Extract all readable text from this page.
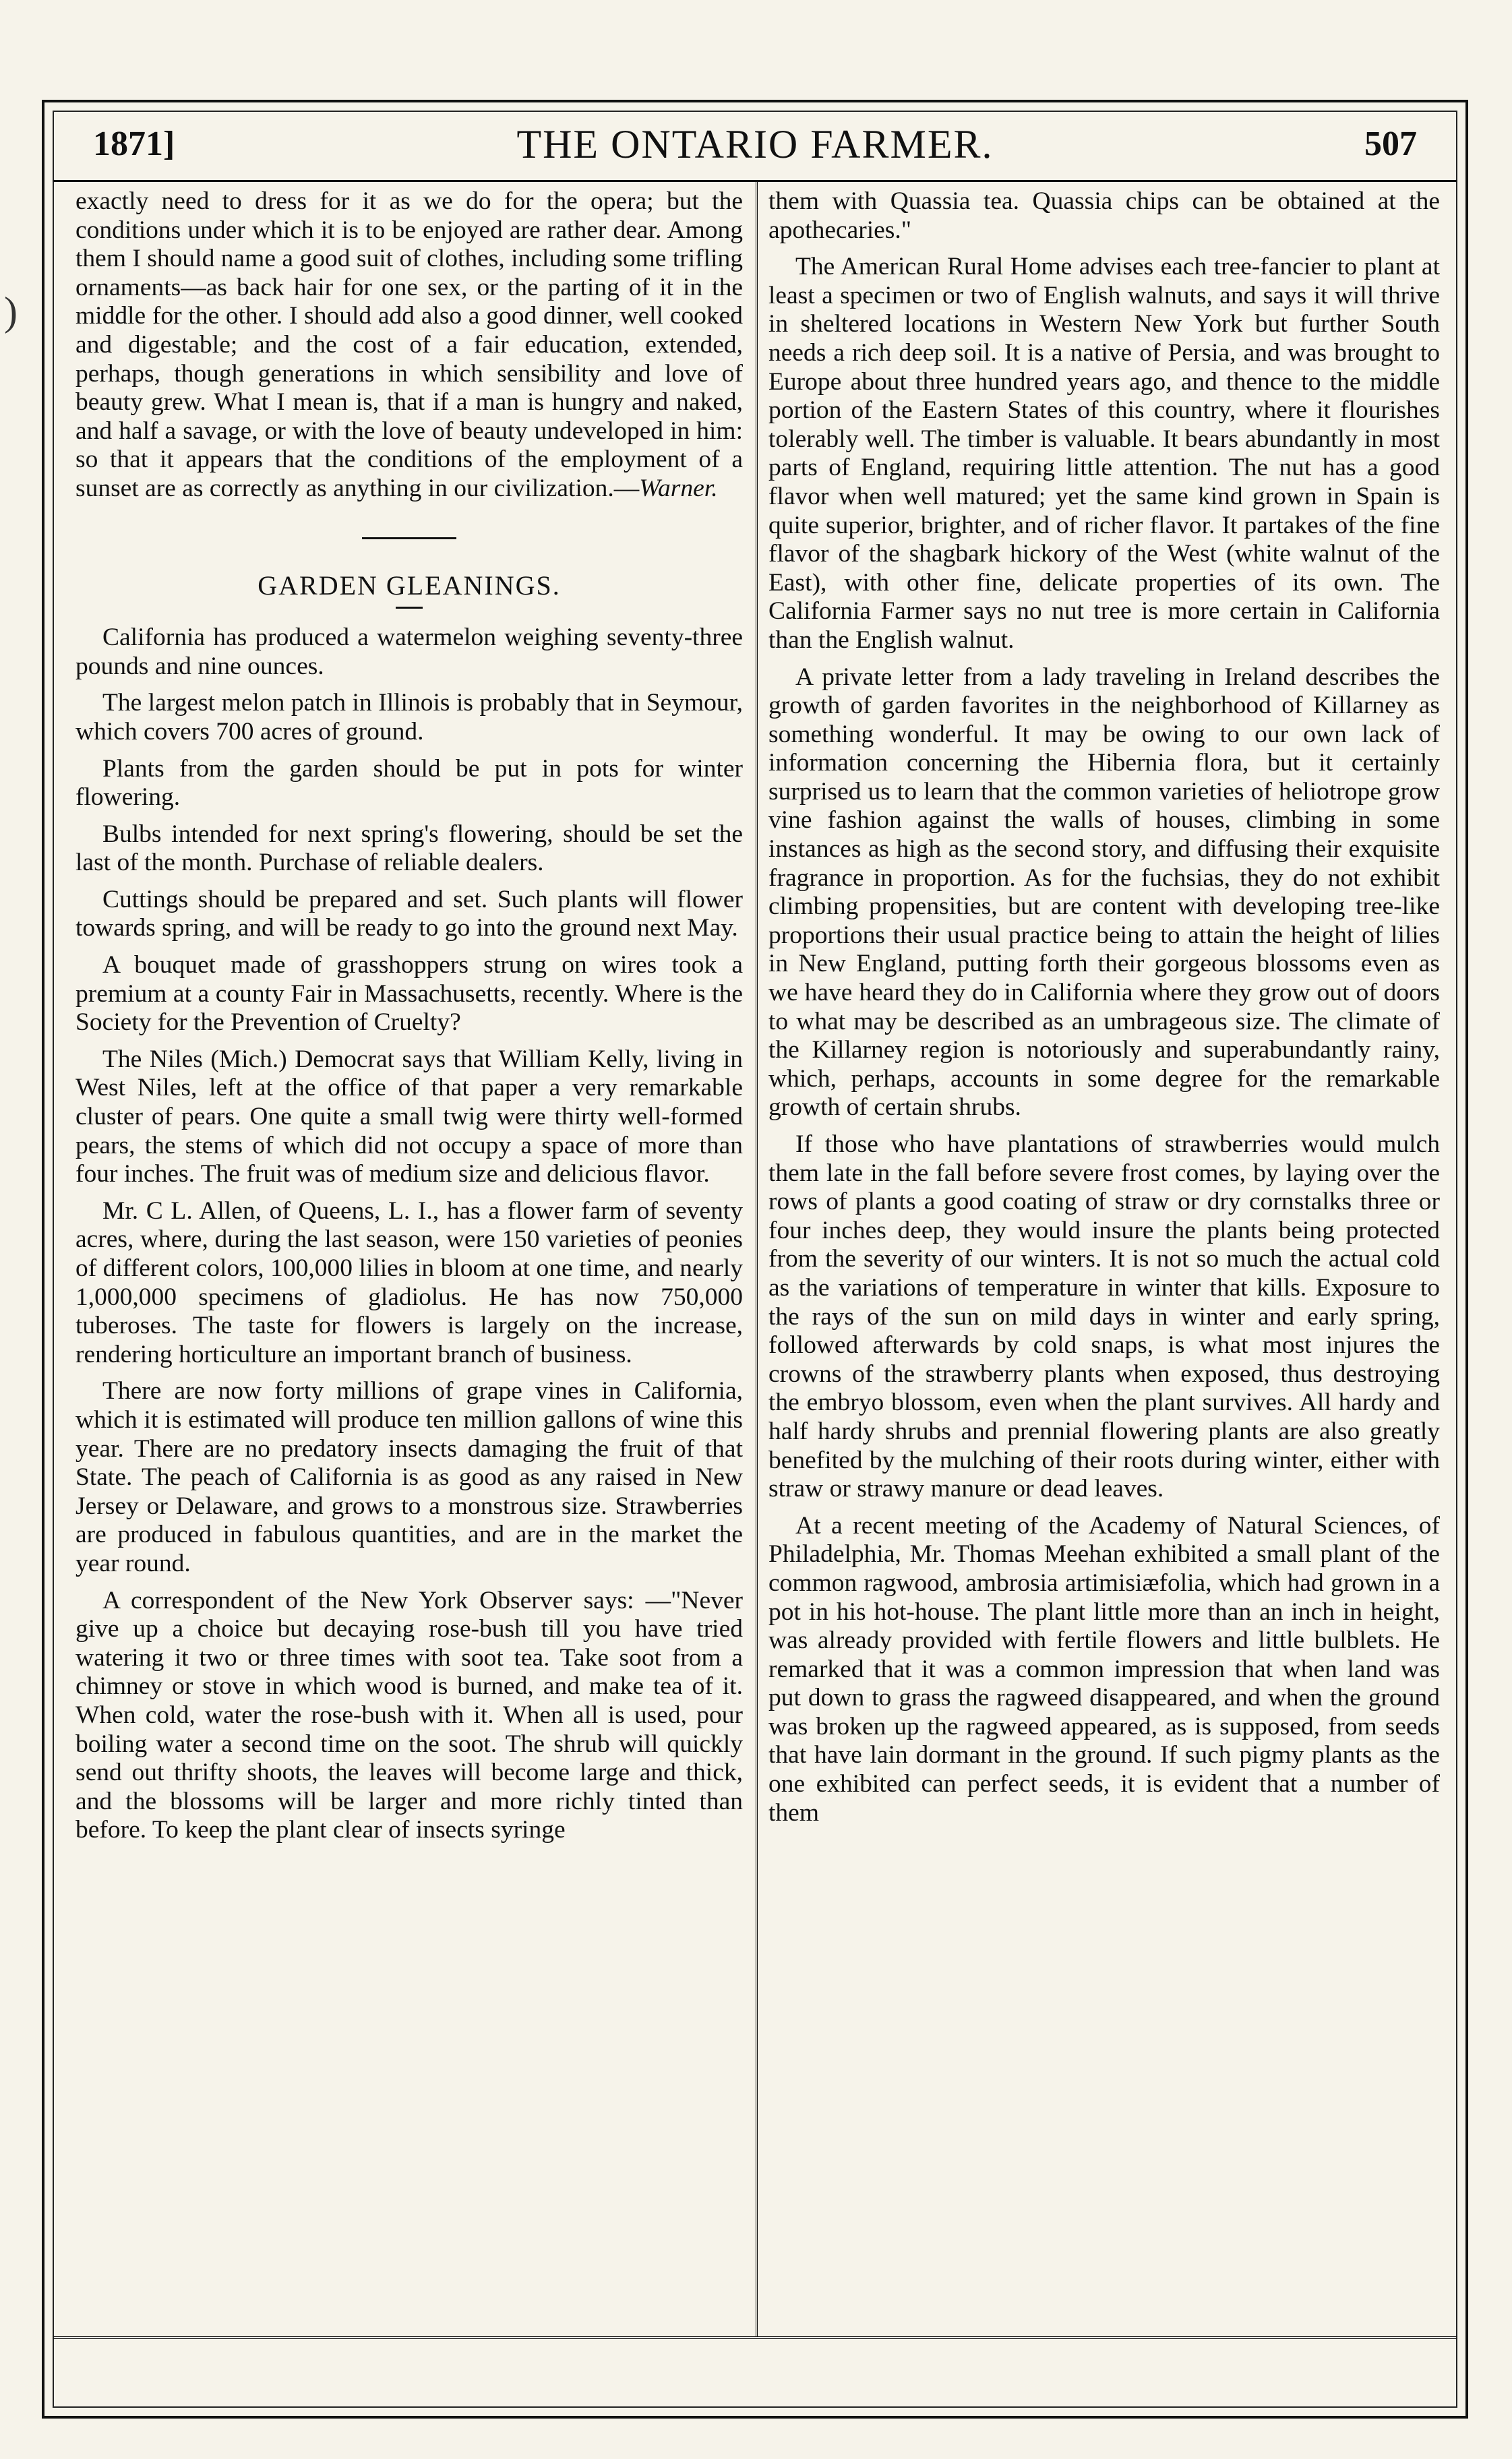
1871]	THE ONTARIO FARMER.	507

exactly need to dress for it as we do for the opera; but the conditions under which it is to be enjoyed are rather dear. Among them I should name a good suit of clothes, including some trifling ornaments—as back hair for one sex, or the parting of it in the middle for the other. I should add also a good dinner, well cooked and digestable; and the cost of a fair education, extended, perhaps, though generations in which sensibility and love of beauty grew. What I mean is, that if a man is hungry and naked, and half a savage, or with the love of beauty undeveloped in him: so that it appears that the conditions of the employment of a sunset are as correctly as anything in our civilization.—Warner.

GARDEN GLEANINGS.

California has produced a watermelon weighing seventy-three pounds and nine ounces.

The largest melon patch in Illinois is probably that in Seymour, which covers 700 acres of ground.

Plants from the garden should be put in pots for winter flowering.

Bulbs intended for next spring's flowering, should be set the last of the month. Purchase of reliable dealers.

Cuttings should be prepared and set. Such plants will flower towards spring, and will be ready to go into the ground next May.

A bouquet made of grasshoppers strung on wires took a premium at a county Fair in Massachusetts, recently. Where is the Society for the Prevention of Cruelty?

The Niles (Mich.) Democrat says that William Kelly, living in West Niles, left at the office of that paper a very remarkable cluster of pears. One quite a small twig were thirty well-formed pears, the stems of which did not occupy a space of more than four inches. The fruit was of medium size and delicious flavor.

Mr. C L. Allen, of Queens, L. I., has a flower farm of seventy acres, where, during the last season, were 150 varieties of peonies of different colors, 100,000 lilies in bloom at one time, and nearly 1,000,000 specimens of gladiolus. He has now 750,000 tuberoses. The taste for flowers is largely on the increase, rendering horticulture an important branch of business.

There are now forty millions of grape vines in California, which it is estimated will produce ten million gallons of wine this year. There are no predatory insects damaging the fruit of that State. The peach of California is as good as any raised in New Jersey or Delaware, and grows to a monstrous size. Strawberries are produced in fabulous quantities, and are in the market the year round.

A correspondent of the New York Observer says: —"Never give up a choice but decaying rose-bush till you have tried watering it two or three times with soot tea. Take soot from a chimney or stove in which wood is burned, and make tea of it. When cold, water the rose-bush with it. When all is used, pour boiling water a second time on the soot. The shrub will quickly send out thrifty shoots, the leaves will become large and thick, and the blossoms will be larger and more richly tinted than before. To keep the plant clear of insects syringe

them with Quassia tea. Quassia chips can be obtained at the apothecaries."

The American Rural Home advises each tree-fancier to plant at least a specimen or two of English walnuts, and says it will thrive in sheltered locations in Western New York but further South needs a rich deep soil. It is a native of Persia, and was brought to Europe about three hundred years ago, and thence to the middle portion of the Eastern States of this country, where it flourishes tolerably well. The timber is valuable. It bears abundantly in most parts of England, requiring little attention. The nut has a good flavor when well matured; yet the same kind grown in Spain is quite superior, brighter, and of richer flavor. It partakes of the fine flavor of the shagbark hickory of the West (white walnut of the East), with other fine, delicate properties of its own. The California Farmer says no nut tree is more certain in California than the English walnut.

A private letter from a lady traveling in Ireland describes the growth of garden favorites in the neighborhood of Killarney as something wonderful. It may be owing to our own lack of information concerning the Hibernia flora, but it certainly surprised us to learn that the common varieties of heliotrope grow vine fashion against the walls of houses, climbing in some instances as high as the second story, and diffusing their exquisite fragrance in proportion. As for the fuchsias, they do not exhibit climbing propensities, but are content with developing tree-like proportions their usual practice being to attain the height of lilies in New England, putting forth their gorgeous blossoms even as we have heard they do in California where they grow out of doors to what may be described as an umbrageous size. The climate of the Killarney region is notoriously and superabundantly rainy, which, perhaps, accounts in some degree for the remarkable growth of certain shrubs.

If those who have plantations of strawberries would mulch them late in the fall before severe frost comes, by laying over the rows of plants a good coating of straw or dry cornstalks three or four inches deep, they would insure the plants being protected from the severity of our winters. It is not so much the actual cold as the variations of temperature in winter that kills. Exposure to the rays of the sun on mild days in winter and early spring, followed afterwards by cold snaps, is what most injures the crowns of the strawberry plants when exposed, thus destroying the embryo blossom, even when the plant survives. All hardy and half hardy shrubs and prennial flowering plants are also greatly benefited by the mulching of their roots during winter, either with straw or strawy manure or dead leaves.

At a recent meeting of the Academy of Natural Sciences, of Philadelphia, Mr. Thomas Meehan exhibited a small plant of the common ragwood, ambrosia artimisiæfolia, which had grown in a pot in his hot-house. The plant little more than an inch in height, was already provided with fertile flowers and little bulblets. He remarked that it was a common impression that when land was put down to grass the ragweed disappeared, and when the ground was broken up the ragweed appeared, as is supposed, from seeds that have lain dormant in the ground. If such pigmy plants as the one exhibited can perfect seeds, it is evident that a number of them

)
